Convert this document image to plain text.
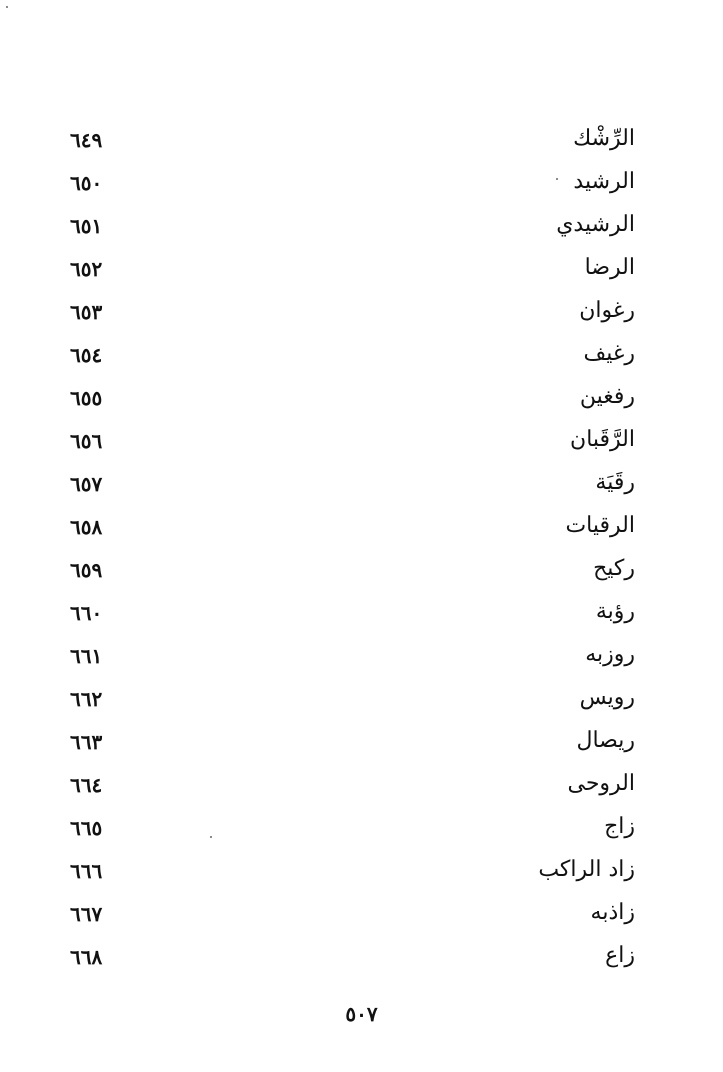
الرِّشْك
٦٤٩
الرشيد
٦٥٠
الرشيدي
٦٥١
الرضا
٦٥٢
رغوان
٦٥٣
رغيف
٦٥٤
رفغين
٦٥٥
الرَّقَبان
٦٥٦
رقَيَة
٦٥٧
الرقيات
٦٥٨
ركيح
٦٥٩
رؤبة
٦٦٠
روزبه
٦٦١
رويس
٦٦٢
ريصال
٦٦٣
الروحى
٦٦٤
زاج
٦٦٥
زاد الراكب
٦٦٦
زاذبه
٦٦٧
زاع
٦٦٨
٥٠٧
